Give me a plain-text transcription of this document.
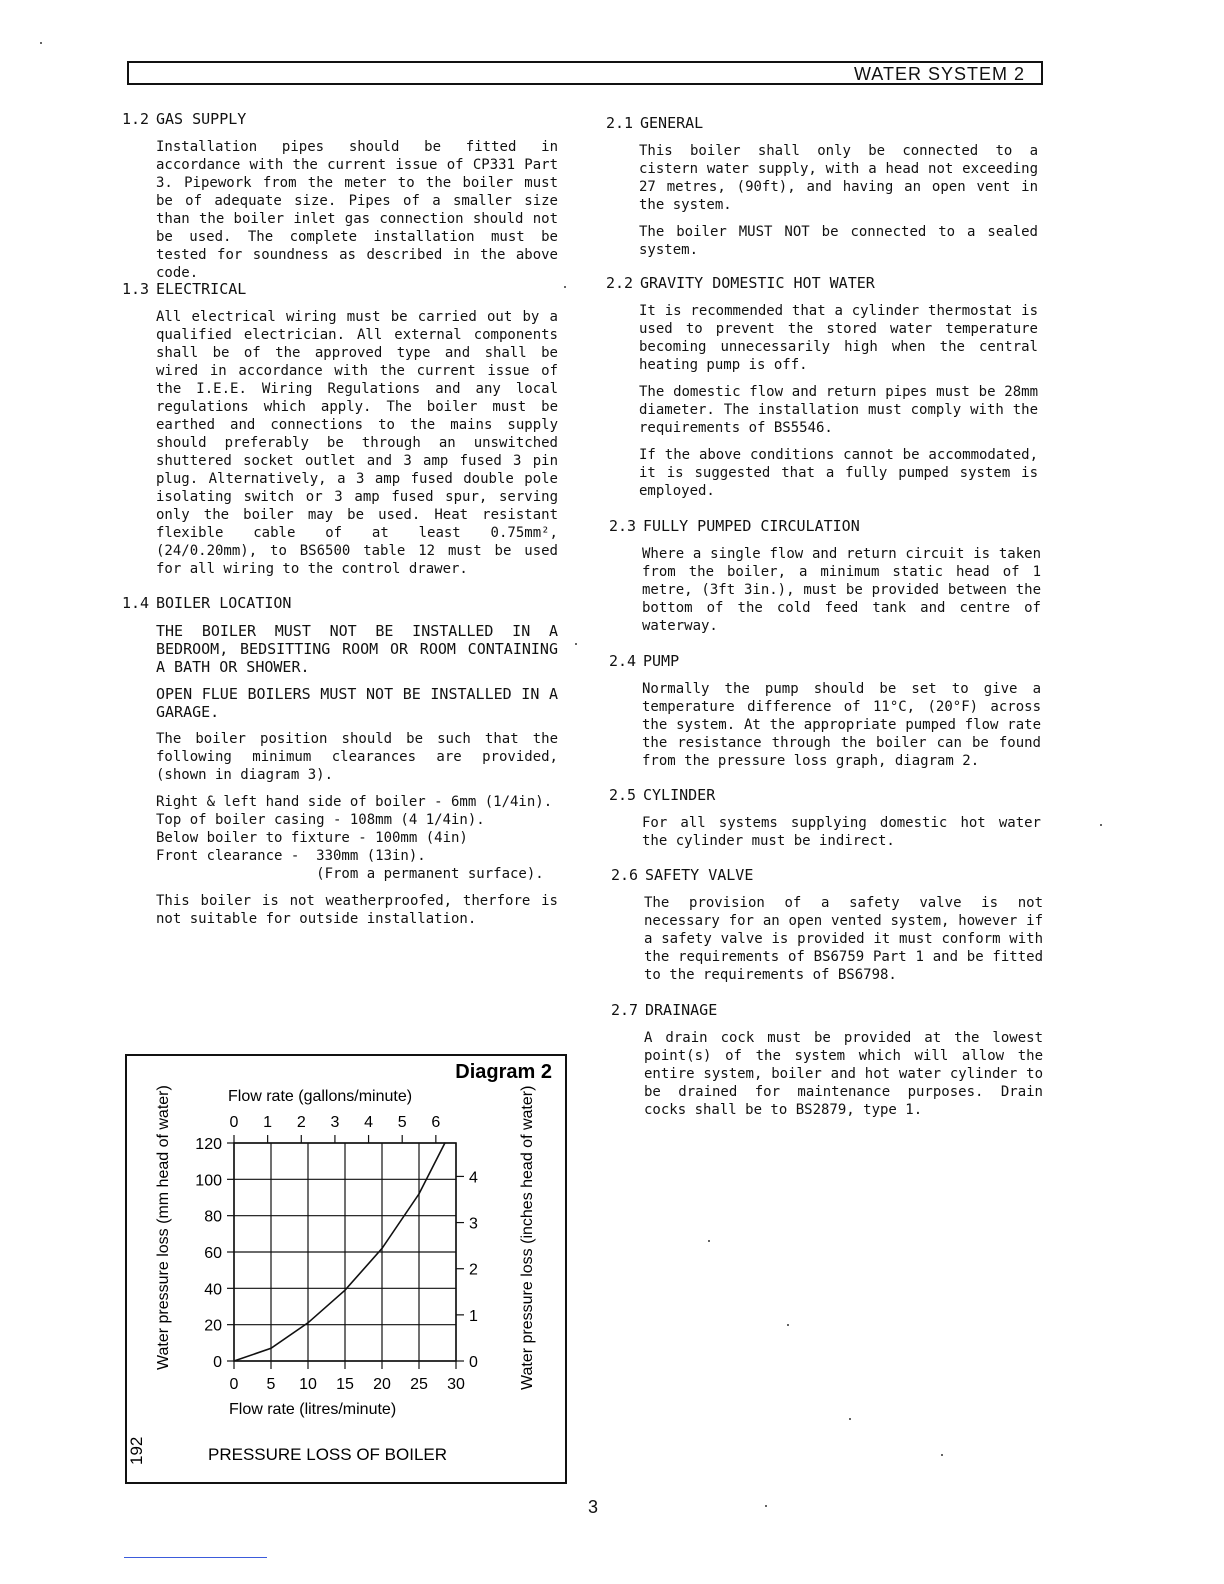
WATER SYSTEM 2
1.2 GAS SUPPLY

Installation pipes should be fitted in accordance with the current issue of CP331 Part 3. Pipework from the meter to the boiler must be of adequate size. Pipes of a smaller size than the boiler inlet gas connection should not be used. The complete installation must be tested for soundness as described in the above code.

1.3 ELECTRICAL

All electrical wiring must be carried out by a qualified electrician. All external components shall be of the approved type and shall be wired in accordance with the current issue of the I.E.E. Wiring Regulations and any local regulations which apply. The boiler must be earthed and connections to the mains supply should preferably be through an unswitched shuttered socket outlet and 3 amp fused 3 pin plug. Alternatively, a 3 amp fused double pole isolating switch or 3 amp fused spur, serving only the boiler may be used. Heat resistant flexible cable of at least 0.75mm², (24/0.20mm), to BS6500 table 12 must be used for all wiring to the control drawer.

1.4 BOILER LOCATION

THE BOILER MUST NOT BE INSTALLED IN A BEDROOM, BEDSITTING ROOM OR ROOM CONTAINING A BATH OR SHOWER.

OPEN FLUE BOILERS MUST NOT BE INSTALLED IN A GARAGE.

The boiler position should be such that the following minimum clearances are provided, (shown in diagram 3).

Right & left hand side of boiler - 6mm (1/4in).
Top of boiler casing - 108mm (4 1/4in).
Below boiler to fixture - 100mm (4in)
Front clearance -  330mm (13in).
(From a permanent surface).

This boiler is not weatherproofed, therfore is not suitable for outside installation.

2.1 GENERAL

This boiler shall only be connected to a cistern water supply, with a head not exceeding 27 metres, (90ft), and having an open vent in the system.

The boiler MUST NOT be connected to a sealed system.

2.2 GRAVITY DOMESTIC HOT WATER

It is recommended that a cylinder thermostat is used to prevent the stored water temperature becoming unnecessarily high when the central heating pump is off.

The domestic flow and return pipes must be 28mm diameter. The installation must comply with the requirements of BS5546.

If the above conditions cannot be accommodated, it is suggested that a fully pumped system is employed.

2.3 FULLY PUMPED CIRCULATION

Where a single flow and return circuit is taken from the boiler, a minimum static head of 1 metre, (3ft 3in.), must be provided between the bottom of the cold feed tank and centre of waterway.

2.4 PUMP

Normally the pump should be set to give a temperature difference of 11°C, (20°F) across the system. At the appropriate pumped flow rate the resistance through the boiler can be found from the pressure loss graph, diagram 2.

2.5 CYLINDER

For all systems supplying domestic hot water the cylinder must be indirect.

2.6 SAFETY VALVE

The provision of a safety valve is not necessary for an open vented system, however if a safety valve is provided it must conform with the requirements of BS6759 Part 1 and be fitted to the requirements of BS6798.

2.7 DRAINAGE

A drain cock must be provided at the lowest point(s) of the system which will allow the entire system, boiler and hot water cylinder to be drained for maintenance purposes. Drain cocks shall be to BS2879, type 1.

Diagram 2
Flow rate (gallons/minute)
Flow rate (litres/minute)
PRESSURE LOSS OF BOILER
192
Water pressure loss (mm head of water)	Water pressure loss (inches head of water)
0
20
40
60
80
100
120
0 5 10 15 20 25 30
0 1 2 3 4 5 6
0
1
2
3
4
3
